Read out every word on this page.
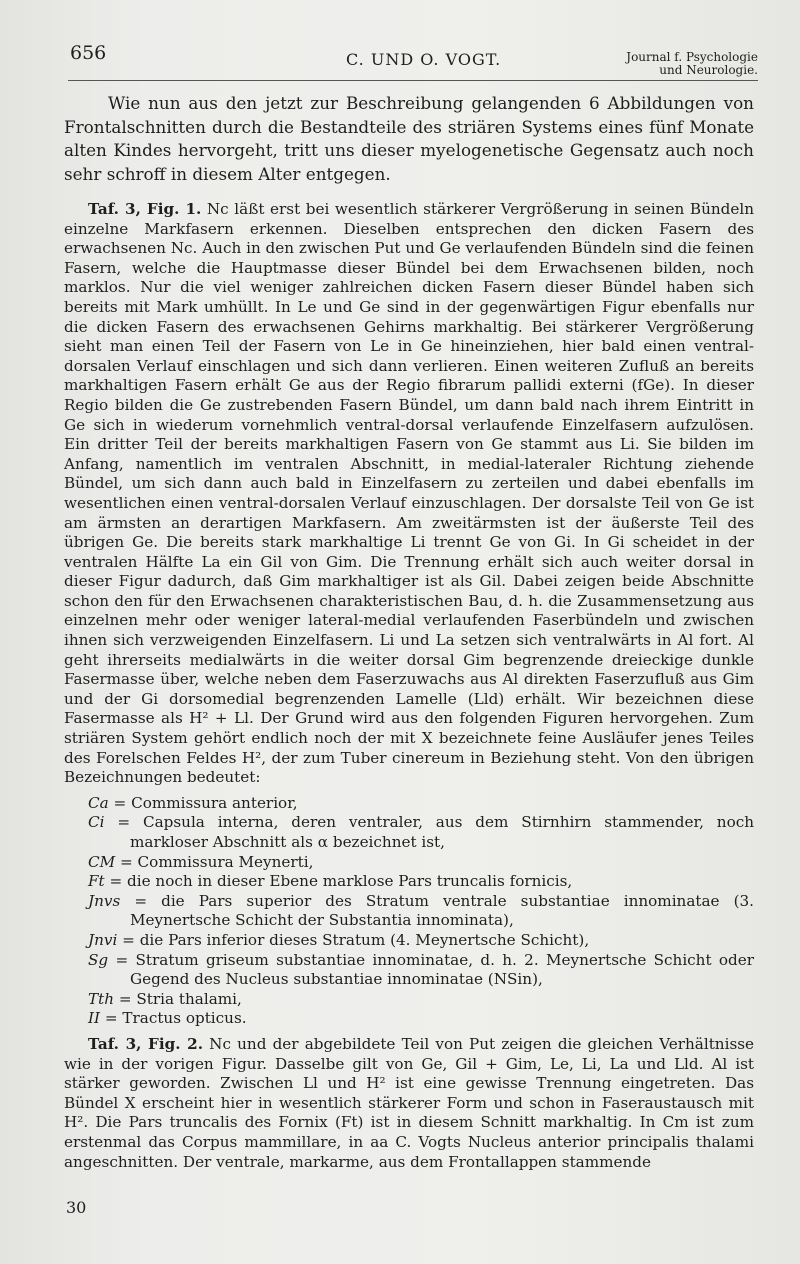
656	C. UND O. VOGT.	Journal f. Psychologie
und Neurologie.

Wie nun aus den jetzt zur Beschreibung gelangenden 6 Abbildungen von Frontalschnitten durch die Bestandteile des striären Systems eines fünf Monate alten Kindes hervorgeht, tritt uns dieser myelogenetische Gegensatz auch noch sehr schroff in diesem Alter entgegen.

Taf. 3, Fig. 1. Nc läßt erst bei wesentlich stärkerer Vergrößerung in seinen Bündeln einzelne Markfasern erkennen. Dieselben entsprechen den dicken Fasern des erwachsenen Nc. Auch in den zwischen Put und Ge verlaufenden Bündeln sind die feinen Fasern, welche die Hauptmasse dieser Bündel bei dem Erwachsenen bilden, noch marklos. Nur die viel weniger zahlreichen dicken Fasern dieser Bündel haben sich bereits mit Mark umhüllt. In Le und Ge sind in der gegenwärtigen Figur ebenfalls nur die dicken Fasern des erwachsenen Gehirns markhaltig. Bei stärkerer Vergrößerung sieht man einen Teil der Fasern von Le in Ge hineinziehen, hier bald einen ventral-dorsalen Verlauf einschlagen und sich dann verlieren. Einen weiteren Zufluß an bereits markhaltigen Fasern erhält Ge aus der Regio fibrarum pallidi externi (fGe). In dieser Regio bilden die Ge zustrebenden Fasern Bündel, um dann bald nach ihrem Eintritt in Ge sich in wiederum vornehmlich ventral-dorsal verlaufende Einzelfasern aufzulösen. Ein dritter Teil der bereits markhaltigen Fasern von Ge stammt aus Li. Sie bilden im Anfang, namentlich im ventralen Abschnitt, in medial-lateraler Richtung ziehende Bündel, um sich dann auch bald in Einzelfasern zu zerteilen und dabei ebenfalls im wesentlichen einen ventral-dorsalen Verlauf einzuschlagen. Der dorsalste Teil von Ge ist am ärmsten an derartigen Markfasern. Am zweitärmsten ist der äußerste Teil des übrigen Ge. Die bereits stark markhaltige Li trennt Ge von Gi. In Gi scheidet in der ventralen Hälfte La ein Gil von Gim. Die Trennung erhält sich auch weiter dorsal in dieser Figur dadurch, daß Gim markhaltiger ist als Gil. Dabei zeigen beide Abschnitte schon den für den Erwachsenen charakteristischen Bau, d. h. die Zusammensetzung aus einzelnen mehr oder weniger lateral-medial verlaufenden Faserbündeln und zwischen ihnen sich verzweigenden Einzelfasern. Li und La setzen sich ventralwärts in Al fort. Al geht ihrerseits medialwärts in die weiter dorsal Gim begrenzende dreieckige dunkle Fasermasse über, welche neben dem Faserzuwachs aus Al direkten Faserzufluß aus Gim und der Gi dorsomedial begrenzenden Lamelle (Lld) erhält. Wir bezeichnen diese Fasermasse als H² + Ll. Der Grund wird aus den folgenden Figuren hervorgehen. Zum striären System gehört endlich noch der mit X bezeichnete feine Ausläufer jenes Teiles des Forelschen Feldes H², der zum Tuber cinereum in Beziehung steht. Von den übrigen Bezeichnungen bedeutet:

Ca = Commissura anterior,

Ci = Capsula interna, deren ventraler, aus dem Stirnhirn stammender, noch markloser Abschnitt als α bezeichnet ist,

CM = Commissura Meynerti,

Ft = die noch in dieser Ebene marklose Pars truncalis fornicis,

Jnvs = die Pars superior des Stratum ventrale substantiae innominatae (3. Meynertsche Schicht der Substantia innominata),

Jnvi = die Pars inferior dieses Stratum (4. Meynertsche Schicht),

Sg = Stratum griseum substantiae innominatae, d. h. 2. Meynertsche Schicht oder Gegend des Nucleus substantiae innominatae (NSin),

Tth = Stria thalami,

II = Tractus opticus.

Taf. 3, Fig. 2. Nc und der abgebildete Teil von Put zeigen die gleichen Verhältnisse wie in der vorigen Figur. Dasselbe gilt von Ge, Gil + Gim, Le, Li, La und Lld. Al ist stärker geworden. Zwischen Ll und H² ist eine gewisse Trennung eingetreten. Das Bündel X erscheint hier in wesentlich stärkerer Form und schon in Faseraustausch mit H². Die Pars truncalis des Fornix (Ft) ist in diesem Schnitt markhaltig. In Cm ist zum erstenmal das Corpus mammillare, in aa C. Vogts Nucleus anterior principalis thalami angeschnitten. Der ventrale, markarme, aus dem Frontallappen stammende

30
